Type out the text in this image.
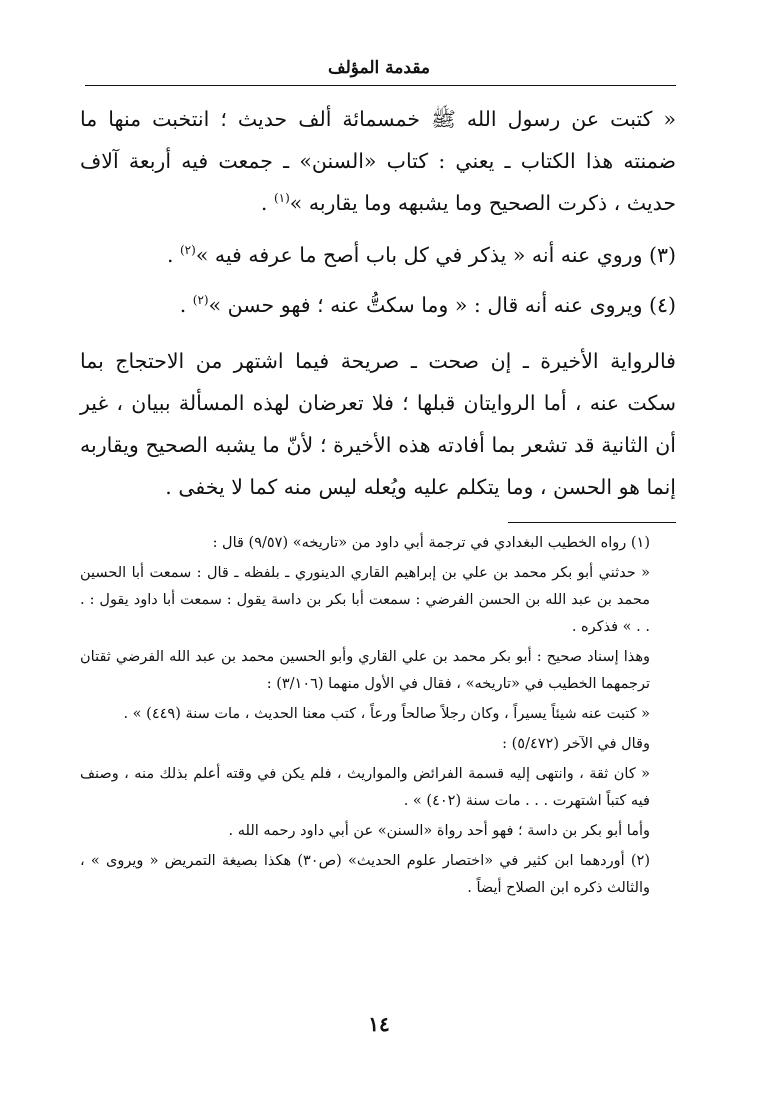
مقدمة المؤلف

« كتبت عن رسول الله ﷺ خمسمائة ألف حديث ؛ انتخبت منها ما ضمنته هذا الكتاب ـ يعني : كتاب «السنن» ـ جمعت فيه أربعة آلاف حديث ، ذكرت الصحيح وما يشبهه وما يقاربه »$^{(١)}$ .

(٣) وروي عنه أنه « يذكر في كل باب أصح ما عرفه فيه »$^{(٢)}$ .

(٤) ويروى عنه أنه قال : « وما سكتُّ عنه ؛ فهو حسن »$^{(٢)}$ .

فالرواية الأخيرة ـ إن صحت ـ صريحة فيما اشتهر من الاحتجاج بما سكت عنه ، أما الروايتان قبلها ؛ فلا تعرضان لهذه المسألة ببيان ، غير أن الثانية قد تشعر بما أفادته هذه الأخيرة ؛ لأنّ ما يشبه الصحيح ويقاربه إنما هو الحسن ، وما يتكلم عليه ويُعله ليس منه كما لا يخفى .

(١) رواه الخطيب البغدادي في ترجمة أبي داود من «تاريخه» (٩/٥٧) قال :

« حدثني أبو بكر محمد بن علي بن إبراهيم القاري الدينوري ـ بلفظه ـ قال : سمعت أبا الحسين محمد بن عبد الله بن الحسن الفرضي : سمعت أبا بكر بن داسة يقول : سمعت أبا داود يقول : . . . » فذكره .

وهذا إسناد صحيح : أبو بكر محمد بن علي القاري وأبو الحسين محمد بن عبد الله الفرضي ثقتان ترجمهما الخطيب في «تاريخه» ، فقال في الأول منهما (٣/١٠٦) :

« كتبت عنه شيئاً يسيراً ، وكان رجلاً صالحاً ورعاً ، كتب معنا الحديث ، مات سنة (٤٤٩) » .

وقال في الآخر (٥/٤٧٢) :

« كان ثقة ، وانتهى إليه قسمة الفرائض والمواريث ، فلم يكن في وقته أعلم بذلك منه ، وصنف فيه كتباً اشتهرت . . . مات سنة (٤٠٢) » .

وأما أبو بكر بن داسة ؛ فهو أحد رواة «السنن» عن أبي داود رحمه الله .

(٢) أوردهما ابن كثير في «اختصار علوم الحديث» (ص٣٠) هكذا بصيغة التمريض « ويروى » ، والثالث ذكره ابن الصلاح أيضاً .

١٤
